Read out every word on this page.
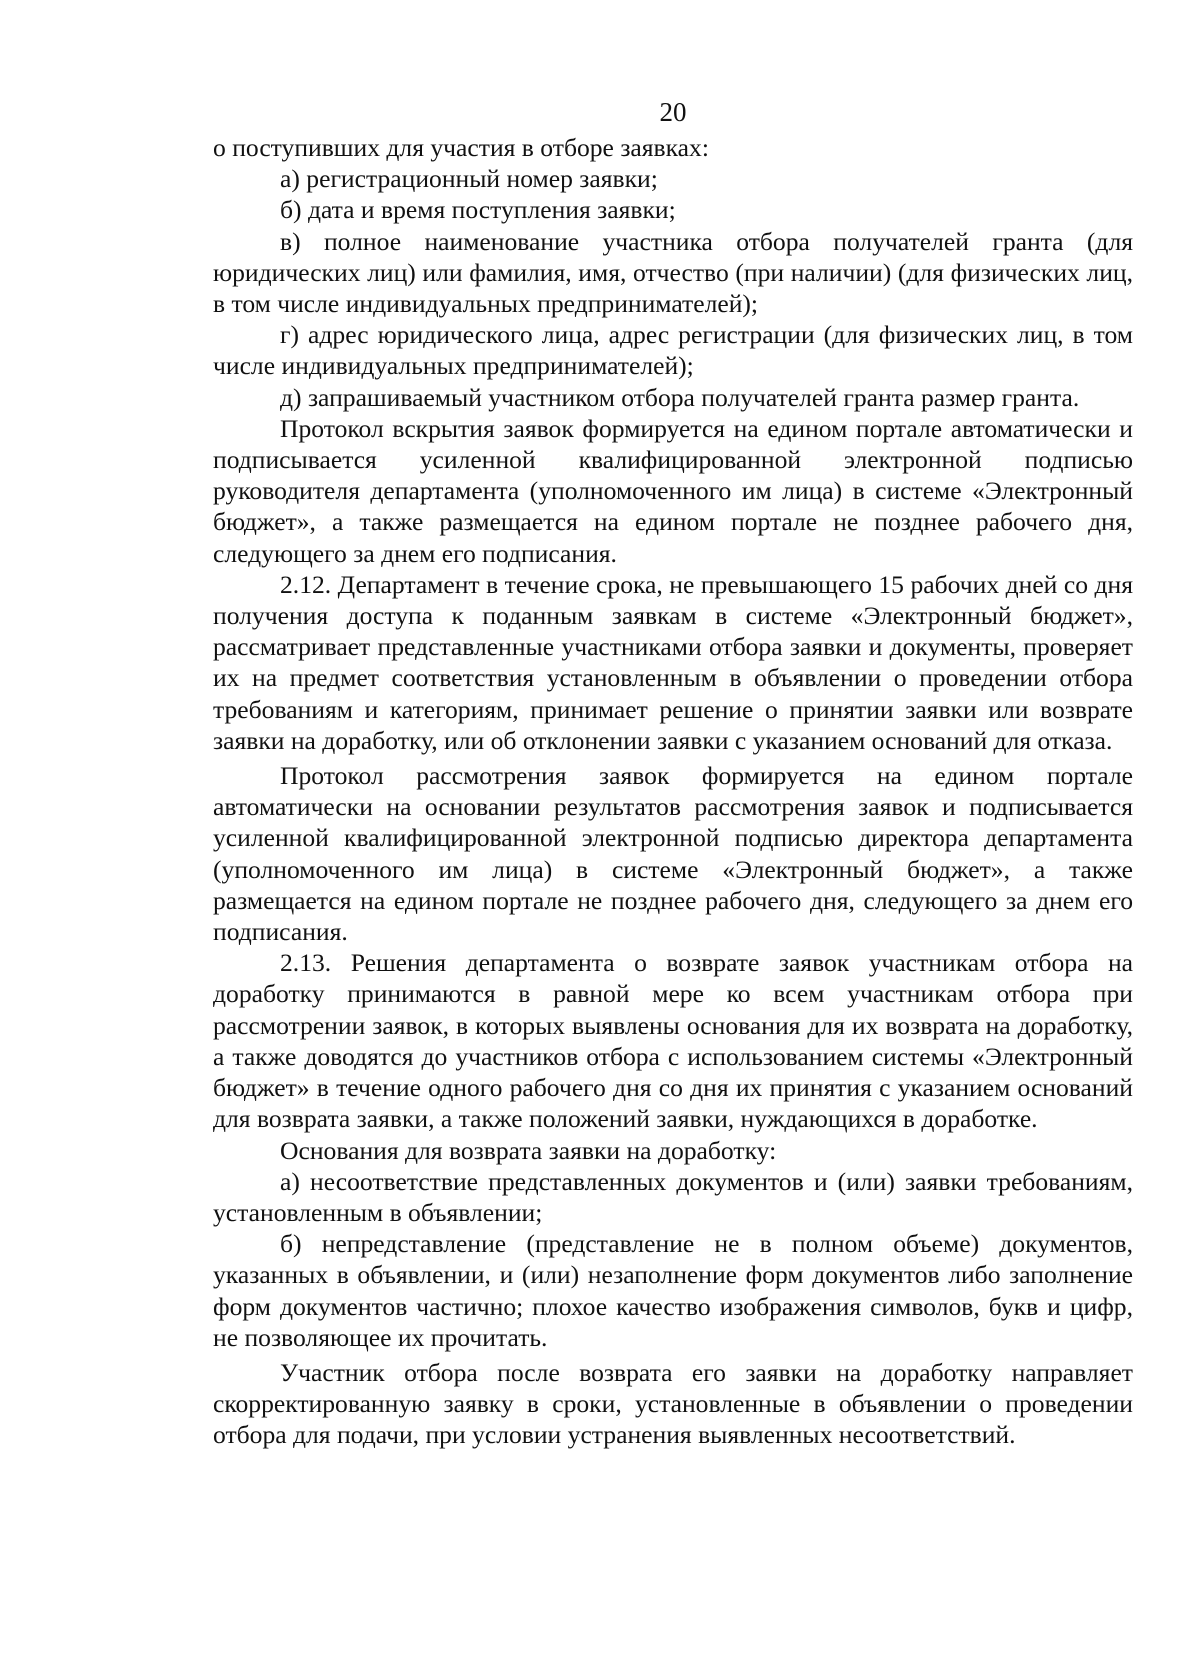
20

о поступивших для участия в отборе заявках:

а) регистрационный номер заявки;

б) дата и время поступления заявки;

в) полное наименование участника отбора получателей гранта (для юридических лиц) или фамилия, имя, отчество (при наличии) (для физических лиц, в том числе индивидуальных предпринимателей);

г) адрес юридического лица, адрес регистрации (для физических лиц, в том числе индивидуальных предпринимателей);

д) запрашиваемый участником отбора получателей гранта размер гранта.

Протокол вскрытия заявок формируется на едином портале автоматически и подписывается усиленной квалифицированной электронной подписью руководителя департамента (уполномоченного им лица) в системе «Электронный бюджет», а также размещается на едином портале не позднее рабочего дня, следующего за днем его подписания.

2.12. Департамент в течение срока, не превышающего 15 рабочих дней со дня получения доступа к поданным заявкам в системе «Электронный бюджет», рассматривает представленные участниками отбора заявки и документы, проверяет их на предмет соответствия установленным в объявлении о проведении отбора требованиям и категориям, принимает решение о принятии заявки или возврате заявки на доработку, или об отклонении заявки с указанием оснований для отказа.

Протокол рассмотрения заявок формируется на едином портале автоматически на основании результатов рассмотрения заявок и подписывается усиленной квалифицированной электронной подписью директора департамента (уполномоченного им лица) в системе «Электронный бюджет», а также размещается на едином портале не позднее рабочего дня, следующего за днем его подписания.

2.13. Решения департамента о возврате заявок участникам отбора на доработку принимаются в равной мере ко всем участникам отбора при рассмотрении заявок, в которых выявлены основания для их возврата на доработку, а также доводятся до участников отбора с использованием системы «Электронный бюджет» в течение одного рабочего дня со дня их принятия с указанием оснований для возврата заявки, а также положений заявки, нуждающихся в доработке.

Основания для возврата заявки на доработку:

а) несоответствие представленных документов и (или) заявки требованиям, установленным в объявлении;

б) непредставление (представление не в полном объеме) документов, указанных в объявлении, и (или) незаполнение форм документов либо заполнение форм документов частично; плохое качество изображения символов, букв и цифр, не позволяющее их прочитать.

Участник отбора после возврата его заявки на доработку направляет скорректированную заявку в сроки, установленные в объявлении о проведении отбора для подачи, при условии устранения выявленных несоответствий.
